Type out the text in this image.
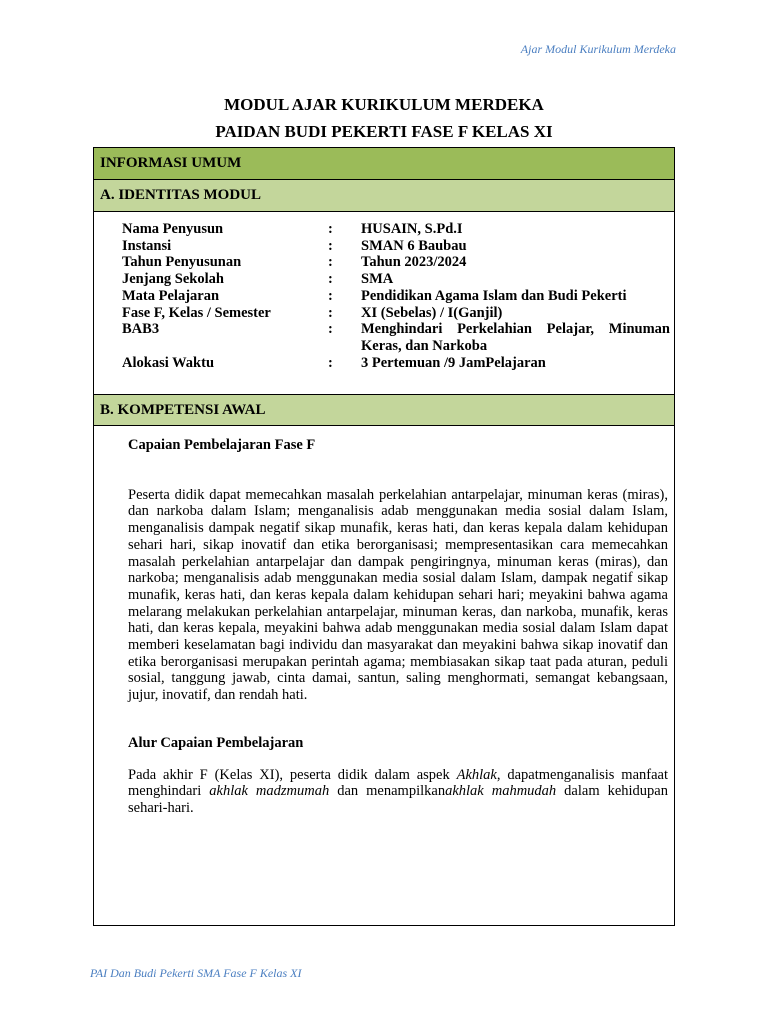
Ajar Modul Kurikulum Merdeka
MODUL AJAR KURIKULUM MERDEKA
PAIDAN BUDI PEKERTI FASE F KELAS XI
INFORMASI UMUM
A. IDENTITAS MODUL
Nama Penyusun	:	HUSAIN, S.Pd.I
Instansi	:	SMAN 6 Baubau
Tahun Penyusunan	:	Tahun 2023/2024
Jenjang Sekolah	:	SMA
Mata Pelajaran	:	Pendidikan Agama Islam dan Budi Pekerti
Fase F, Kelas / Semester	:	XI (Sebelas) / I(Ganjil)
BAB3	:	Menghindari Perkelahian Pelajar, Minuman Keras, dan Narkoba
Alokasi Waktu	:	3 Pertemuan /9 JamPelajaran
B. KOMPETENSI AWAL
Capaian Pembelajaran Fase F
Peserta didik dapat memecahkan masalah perkelahian antarpelajar, minuman keras (miras), dan narkoba dalam Islam; menganalisis adab menggunakan media sosial dalam Islam, menganalisis dampak negatif sikap munafik, keras hati, dan keras kepala dalam kehidupan sehari hari, sikap inovatif dan etika berorganisasi; mempresentasikan cara memecahkan masalah perkelahian antarpelajar dan dampak pengiringnya, minuman keras (miras), dan narkoba; menganalisis adab menggunakan media sosial dalam Islam, dampak negatif sikap munafik, keras hati, dan keras kepala dalam kehidupan sehari hari; meyakini bahwa agama melarang melakukan perkelahian antarpelajar, minuman keras, dan narkoba, munafik, keras hati, dan keras kepala, meyakini bahwa adab menggunakan media sosial dalam Islam dapat memberi keselamatan bagi individu dan masyarakat dan meyakini bahwa sikap inovatif dan etika berorganisasi merupakan perintah agama; membiasakan sikap taat pada aturan, peduli sosial, tanggung jawab, cinta damai, santun, saling menghormati, semangat kebangsaan, jujur, inovatif, dan rendah hati.
Alur Capaian Pembelajaran
Pada akhir F (Kelas XI), peserta didik dalam aspek Akhlak, dapatmenganalisis manfaat menghindari akhlak madzmumah dan menampilkanakhlak mahmudah dalam kehidupan sehari-hari.
PAI Dan Budi Pekerti SMA Fase F Kelas XI
